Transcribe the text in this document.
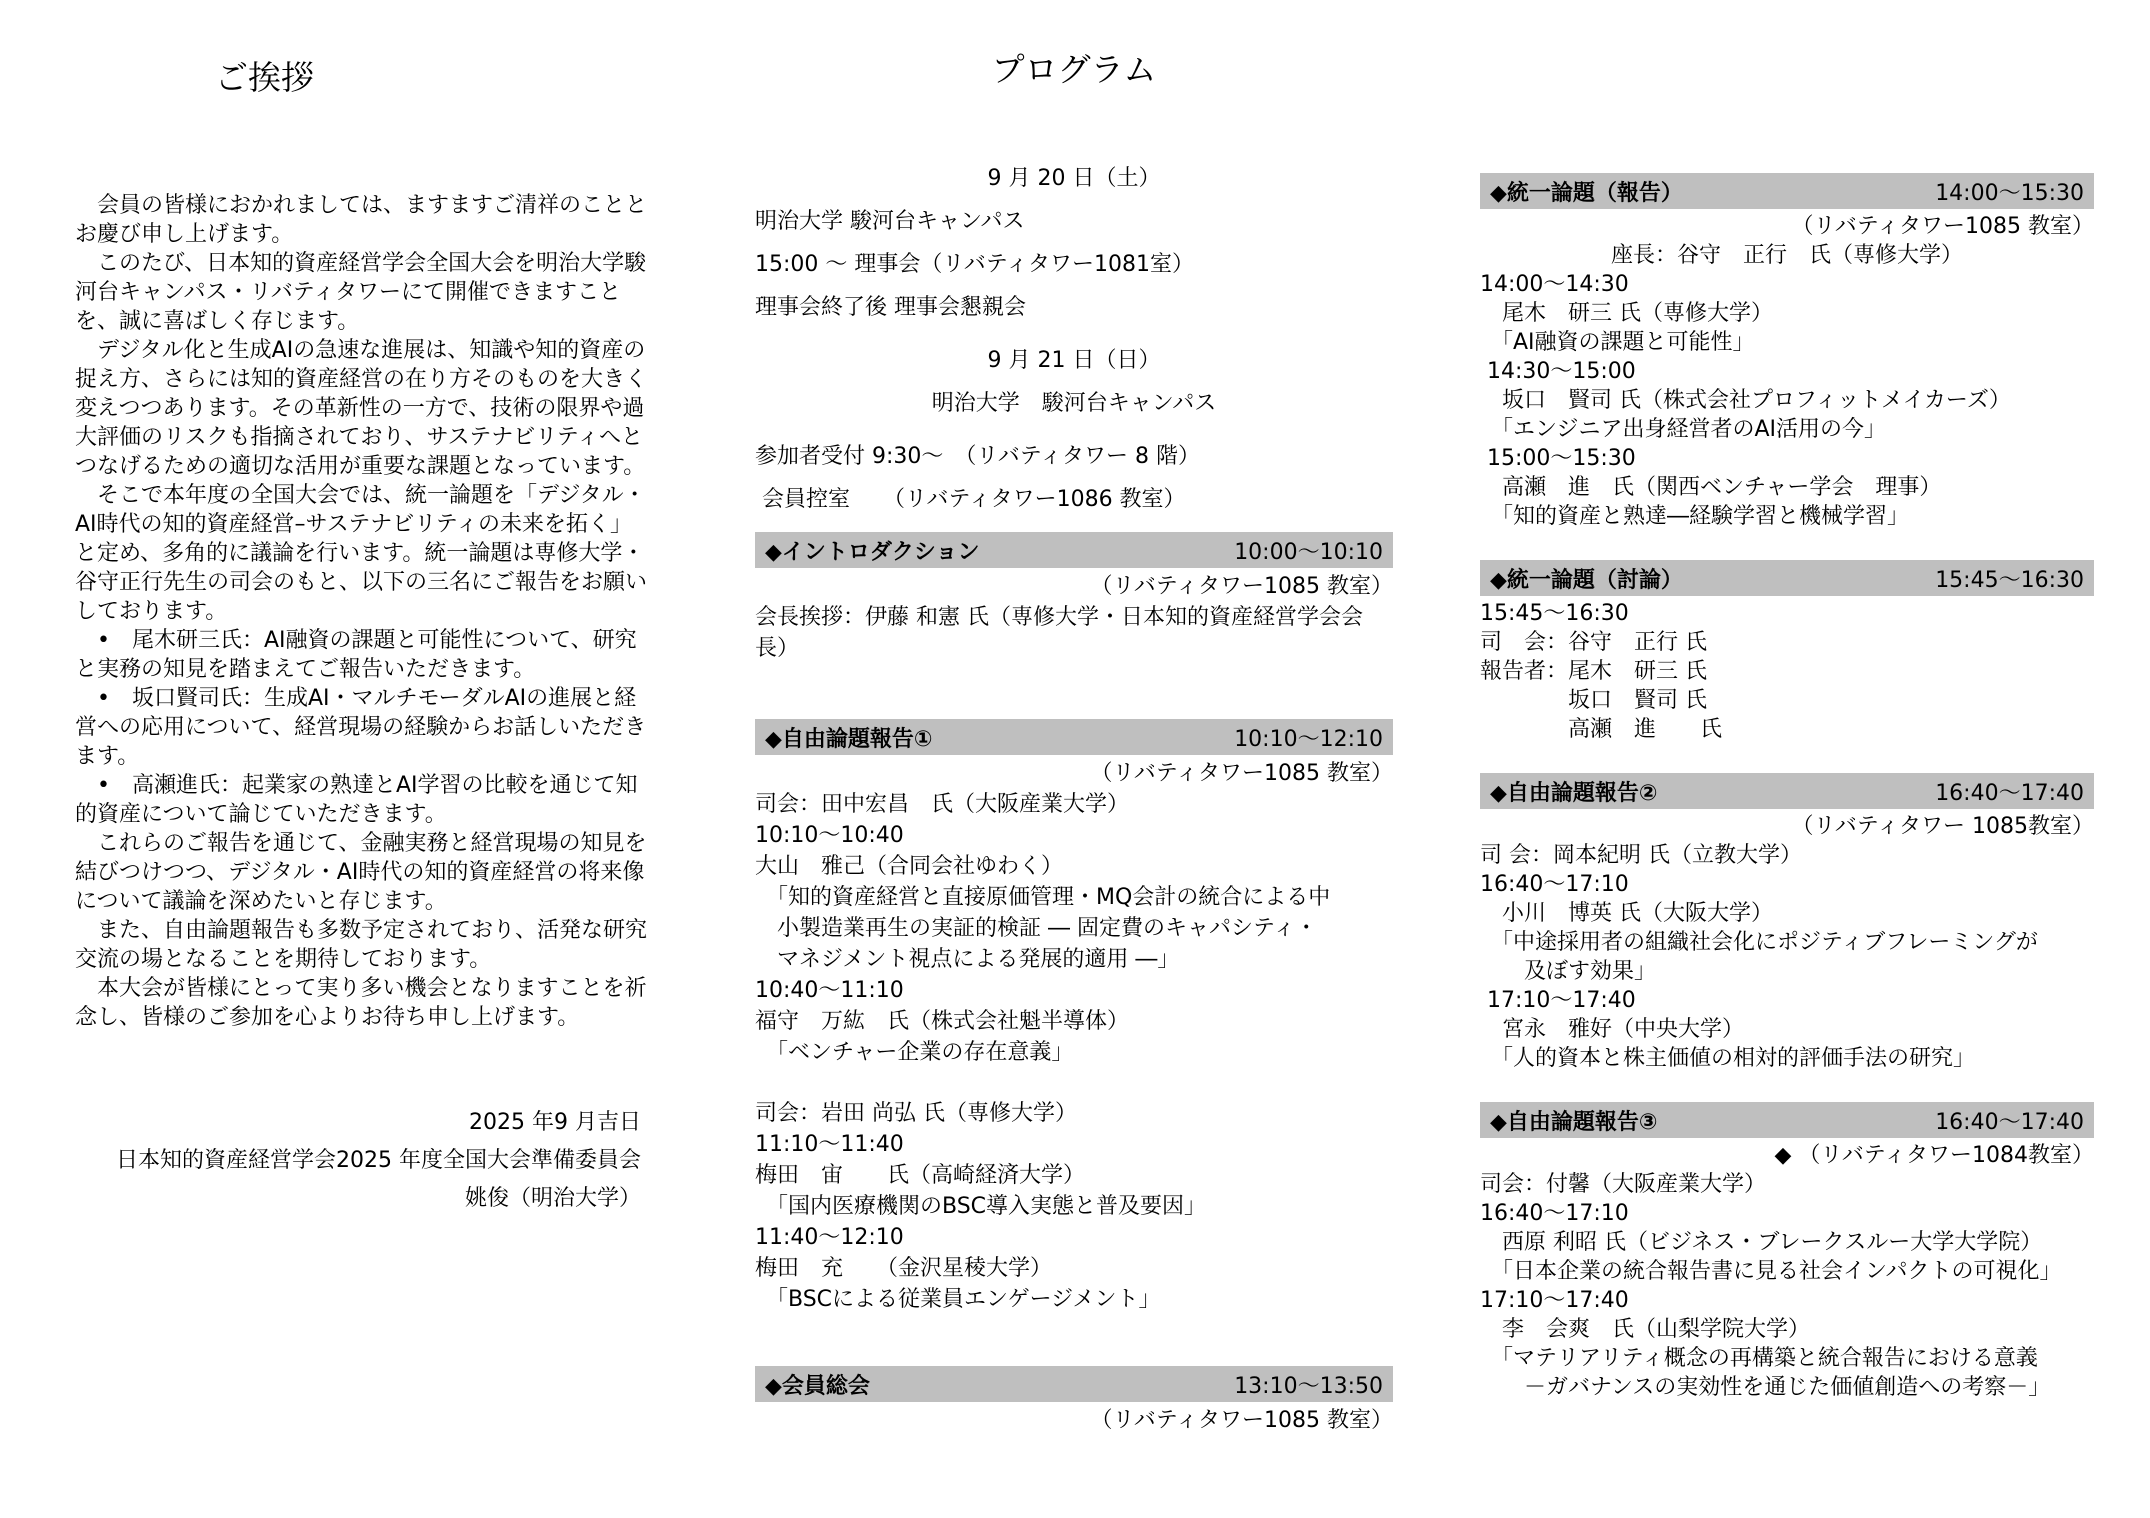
ご挨拶
　会員の皆様におかれましては、ますますご清祥のことと
お慶び申し上げます。
　このたび、日本知的資産経営学会全国大会を明治大学駿
河台キャンパス・リバティタワーにて開催できますこと
を、誠に喜ばしく存じます。
　デジタル化と生成AIの急速な進展は、知識や知的資産の
捉え方、さらには知的資産経営の在り方そのものを大きく
変えつつあります。その革新性の一方で、技術の限界や過
大評価のリスクも指摘されており、サステナビリティへと
つなげるための適切な活用が重要な課題となっています。
　そこで本年度の全国大会では、統一論題を「デジタル・
AI時代の知的資産経営–サステナビリティの未来を拓く」
と定め、多角的に議論を行います。統一論題は専修大学・
谷守正行先生の司会のもと、以下の三名にご報告をお願い
しております。
　•　尾木研三氏：AI融資の課題と可能性について、研究
と実務の知見を踏まえてご報告いただきます。
　•　坂口賢司氏：生成AI・マルチモーダルAIの進展と経
営への応用について、経営現場の経験からお話しいただき
ます。
　•　高瀬進氏：起業家の熟達とAI学習の比較を通じて知
的資産について論じていただきます。
　これらのご報告を通じて、金融実務と経営現場の知見を
結びつけつつ、デジタル・AI時代の知的資産経営の将来像
について議論を深めたいと存じます。
　また、自由論題報告も多数予定されており、活発な研究
交流の場となることを期待しております。
　本大会が皆様にとって実り多い機会となりますことを祈
念し、皆様のご参加を心よりお待ち申し上げます。
2025 年9 月吉日
日本知的資産経営学会2025 年度全国大会準備委員会
姚俊（明治大学）
プログラム
9 月 20 日（土）
明治大学 駿河台キャンパス
15:00 ～ 理事会（リバティタワー1081室）
理事会終了後 理事会懇親会
9 月 21 日（日）
明治大学　駿河台キャンパス
参加者受付 9:30～　（リバティタワー 8 階）
会員控室　　（リバティタワー1086 教室）
◆イントロダクション	10:00～10:10
（リバティタワー1085 教室）
会長挨拶：伊藤 和憲 氏（専修大学・日本知的資産経営学会会
長）
◆自由論題報告①	10:10～12:10
（リバティタワー1085 教室）
司会：田中宏昌　氏（大阪産業大学）
10:10～10:40
大山　雅己（合同会社ゆわく）
　「知的資産経営と直接原価管理・MQ会計の統合による中
　小製造業再生の実証的検証 ― 固定費のキャパシティ・
　マネジメント視点による発展的適用 ―」
10:40～11:10
福守　万紘　氏（株式会社魁半導体）
　「ベンチャー企業の存在意義」
司会：岩田 尚弘 氏（専修大学）
11:10～11:40
梅田　宙　　氏（高崎経済大学）
　「国内医療機関のBSC導入実態と普及要因」
11:40～12:10
梅田　充　　（金沢星稜大学）
　「BSCによる従業員エンゲージメント」
◆会員総会	13:10～13:50
（リバティタワー1085 教室）
◆統一論題（報告）	14:00～15:30
（リバティタワー1085 教室）
座長：谷守　正行　氏（専修大学）
14:00～14:30
　尾木　研三 氏（専修大学）
　「AI融資の課題と可能性」
14:30～15:00
　坂口　賢司 氏（株式会社プロフィットメイカーズ）
　「エンジニア出身経営者のAI活用の今」
15:00～15:30
　高瀬　進　氏（関西ベンチャー学会　理事）
　「知的資産と熟達―経験学習と機械学習」
◆統一論題（討論）	15:45～16:30
15:45～16:30
司　会：谷守　正行 氏
報告者：尾木　研三 氏
　　　　坂口　賢司 氏
　　　　高瀬　進　　氏
◆自由論題報告②	16:40～17:40
（リバティタワー 1085教室）
司 会：岡本紀明 氏（立教大学）
16:40～17:10
　小川　博英 氏（大阪大学）
　「中途採用者の組織社会化にポジティブフレーミングが
　　及ぼす効果」
17:10～17:40
　宮永　雅好（中央大学）
　「人的資本と株主価値の相対的評価手法の研究」
◆自由論題報告③	16:40～17:40
◆ （リバティタワー1084教室）
司会：付馨（大阪産業大学）
16:40～17:10
　西原 利昭 氏（ビジネス・ブレークスルー大学大学院）
　「日本企業の統合報告書に見る社会インパクトの可視化」
17:10～17:40
　李　会爽　氏（山梨学院大学）
　「マテリアリティ概念の再構築と統合報告における意義
　　－ガバナンスの実効性を通じた価値創造への考察－」
